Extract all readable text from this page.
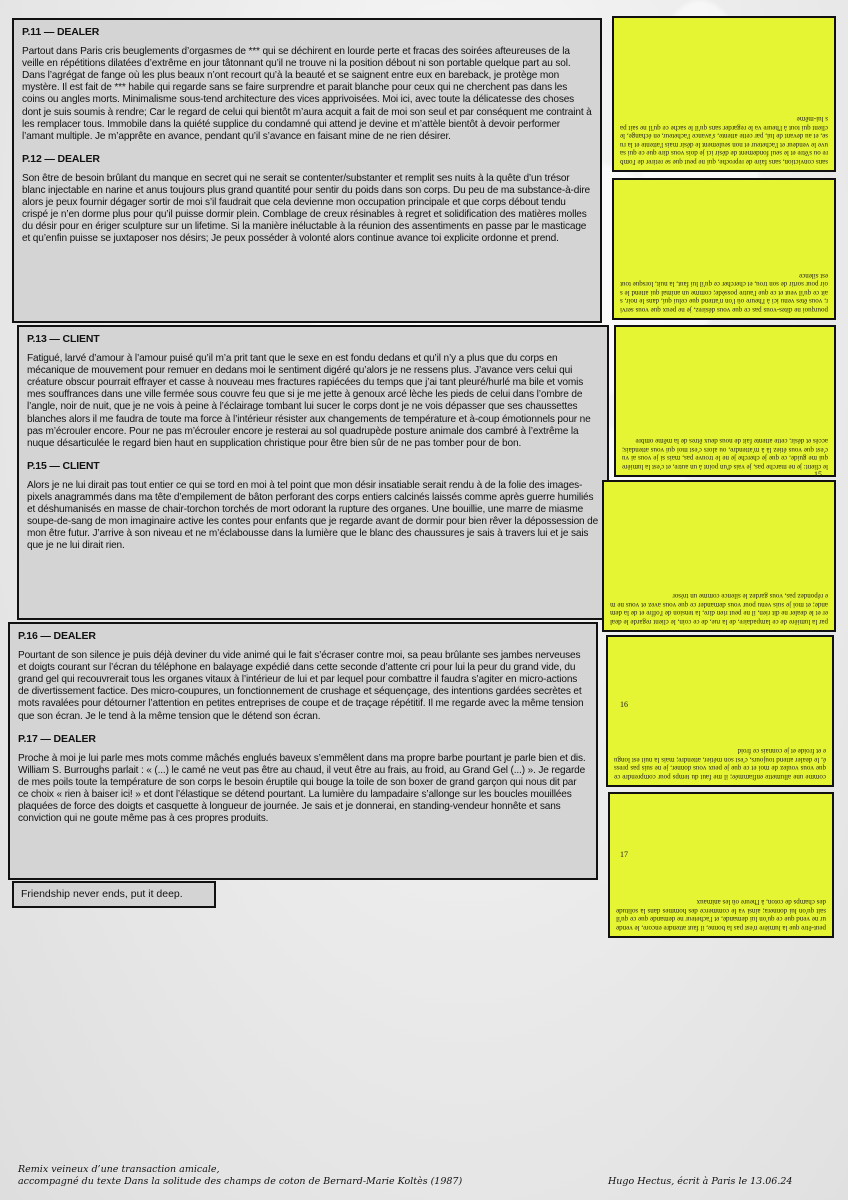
P.11 — DEALER

Partout dans Paris cris beuglements d’orgasmes de *** qui se déchirent en lourde perte et fracas des soirées afteureuses de la veille en répétitions dilatées d’extrême en jour tâtonnant qu’il ne trouve ni la position débout ni son portable quelque part au sol. Dans l’agrégat de fange où les plus beaux n’ont recourt qu’à la beauté et se saignent entre eux en bareback, je protège mon mystère. Il est fait de *** habile qui regarde sans se faire surprendre et parait blanche pour ceux qui ne cherchent pas dans les coins ou angles morts. Minimalisme sous-tend architecture des vices apprivoisées. Moi ici, avec toute la délicatesse des choses dont je suis soumis à rendre; Car le regard de celui qui bientôt m’aura acquit a fait de moi son seul et par conséquent me contraint à les remplacer tous. Immobile dans la quiété supplice du condamné qui attend je devine et m’attèle bientôt à devoir performer l’amant multiple. Je m’apprête en avance, pendant qu’il s’avance en faisant mine de ne rien désirer.

P.12 — DEALER

Son être de besoin brûlant du manque en secret qui ne serait se contenter/substanter et remplit ses nuits à la quête d’un trésor blanc injectable en narine et anus toujours plus grand quantité pour sentir du poids dans son corps. Du peu de ma substance-à-dire alors je peux fournir dégager sortir de moi s’il faudrait que cela devienne mon occupation principale et que corps débout tendu crispé je n’en dorme plus pour qu’il puisse dormir plein. Comblage de creux résinables à regret et solidification des matières molles du désir pour en ériger sculpture sur un lifetime. Si la manière inéluctable à la réunion des assentiments en passe par le masticage et qu’enfin puisse se juxtaposer nos désirs; Je peux posséder à volonté alors continue avance toi explicite ordonne et prend.

P.13 — CLIENT

Fatigué, larvé d’amour à l’amour puisé qu’il m’a prit tant que le sexe en est fondu dedans et qu’il n’y a plus que du corps en mécanique de mouvement pour remuer en dedans moi le sentiment digéré qu’alors je ne ressens plus. J’avance vers celui qui créature obscur pourrait effrayer et casse à nouveau mes fractures rapiécées du temps que j’ai tant pleuré/hurlé ma bile et vomis mes souffrances dans une ville fermée sous couvre feu que si je me jette à genoux arcé lèche les pieds de celui dans l’ombre de l’angle, noir de nuit, que je ne vois à peine à l’éclairage tombant lui sucer le corps dont je ne vois dépasser que ses chaussettes blanches alors il me faudra de toute ma force à l’intérieur résister aux changements de température et à-coup émotionnels pour ne pas m’écrouler encore. Pour ne pas m’écrouler encore je resterai au sol quadrupède posture animale dos cambré à l’extrême la nuque désarticulée le regard bien haut en supplication christique pour être bien sûr de ne pas tomber pour de bon.

P.15 — CLIENT

Alors je ne lui dirait pas tout entier ce qui se tord en moi à tel point que mon désir insatiable serait rendu à de la folie des images-pixels anagrammés dans ma tête d’empilement de bâton perforant des corps entiers calcinés laissés comme après guerre humiliés et déshumanisés en masse de chair-torchon torchés de mort odorant la rupture des organes. Une bouillie, une marre de miasme soupe-de-sang de mon imaginaire active les contes pour enfants que je regarde avant de dormir pour bien rêver la dépossession de mon être futur. J’arrive à son niveau et ne m’éclabousse dans la lumière que le blanc des chaussures je sais à travers lui et je sais que je ne lui dirait rien.

P.16 — DEALER

Pourtant de son silence je puis déjà deviner du vide animé qui le fait s’écraser contre moi, sa peau brûlante ses jambes nerveuses et doigts courant sur l’écran du téléphone en balayage expédié dans cette seconde d’attente cri pour lui la peur du grand vide, du grand gel qui recouvrerait tous les organes vitaux à l’intérieur de lui et par lequel pour combattre il faudra s’agiter en micro-actions de divertissement factice. Des micro-coupures, un fonctionnement de crushage et séquençage, des intentions gardées secrètes et mots ravalées pour détourner l’attention en petites entreprises de coupe et de traçage répétitif. Il me regarde avec la même tension que son écran. Je le tend à la même tension que le détend son écran.

P.17 — DEALER

Proche à moi je lui parle mes mots comme mâchés englués baveux s’emmêlent dans ma propre barbe pourtant je parle bien et dis. William S. Burroughs parlait : « (...) le camé ne veut pas être au chaud, il veut être au frais, au froid, au Grand Gel (...) ». Je regarde de mes poils toute la température de son corps le besoin éruptile qui bouge la toile de son boxer de grand garçon qui nous dit par ce choix « rien à baiser ici! » et dont l’élastique se détend pourtant. La lumière du lampadaire s’allonge sur les boucles mouillées plaquées de force des doigts et casquette à longueur de journée. Je sais et je donnerai, en standing-vendeur honnête et sans conviction qui ne goute même pas à ces propres produits.

Friendship never ends, put it deep.
sans conviction, sans faire de reproche, qui ne peut que se retirer de l'ombre ou s'être et le seul fondement de désir ici je dois vous dire que ce qui sauve le vendeur et l'acheteur et non seulement le désir mais l'attente et la ruse, et au devant de lui, par cette attente, s'avance l'acheteur, en échange, le client qui tout à l'heure va le regarder sans qu'il le sache ce qu'il ne sait pas lui-même
pourquoi ne dites-vous pas ce que vous désirez, je ne peux que vous servir, vous êtes venu ici à l'heure où l'on n'attend que celui qui, dans le noir, sait ce qu'il veut et ce que l'autre possède; comme un animal qui attend le soir pour sortir de son trou, et chercher ce qu'il lui faut, la nuit, lorsque tout est silence
le client: je ne marche pas, je vais d'un point à un autre, et c'est la lumière qui me guide, ce que je cherche je ne le trouve pas, mais si je vous ai vu c'est que vous étiez là à m'attendre, ou alors c'est moi qui vous attendais; accès et désir, cette attente fait de nous deux êtres de la même ombre
par la lumière de ce lampadaire, de la rue, de ce coin, le client regarde le dealer et le dealer ne dit rien, il ne peut rien dire, la tension de l'offre et de la demande; et moi je suis venu pour vous demander ce que vous avez et vous ne me répondez pas, vous gardez le silence comme un trésor
comme une allumette enflammée; il me faut du temps pour comprendre ce que vous voulez de moi et ce que je peux vous donner, je ne suis pas pressé, le dealer attend toujours, c'est son métier, attendre; mais la nuit est longue et froide et je connais ce froid
peut-être que la lumière n'est pas la bonne, il faut attendre encore, le vendeur ne vend que ce qu'on lui demande, et l'acheteur ne demande que ce qu'il sait qu'on lui donnera; ainsi va le commerce des hommes dans la solitude des champs de coton, à l'heure où les animaux
15
16
17
Remix veineux d’une transaction amicale,
accompagné du texte Dans la solitude des champs de coton de Bernard-Marie Koltès (1987)	Hugo Hectus, écrit à Paris le 13.06.24
